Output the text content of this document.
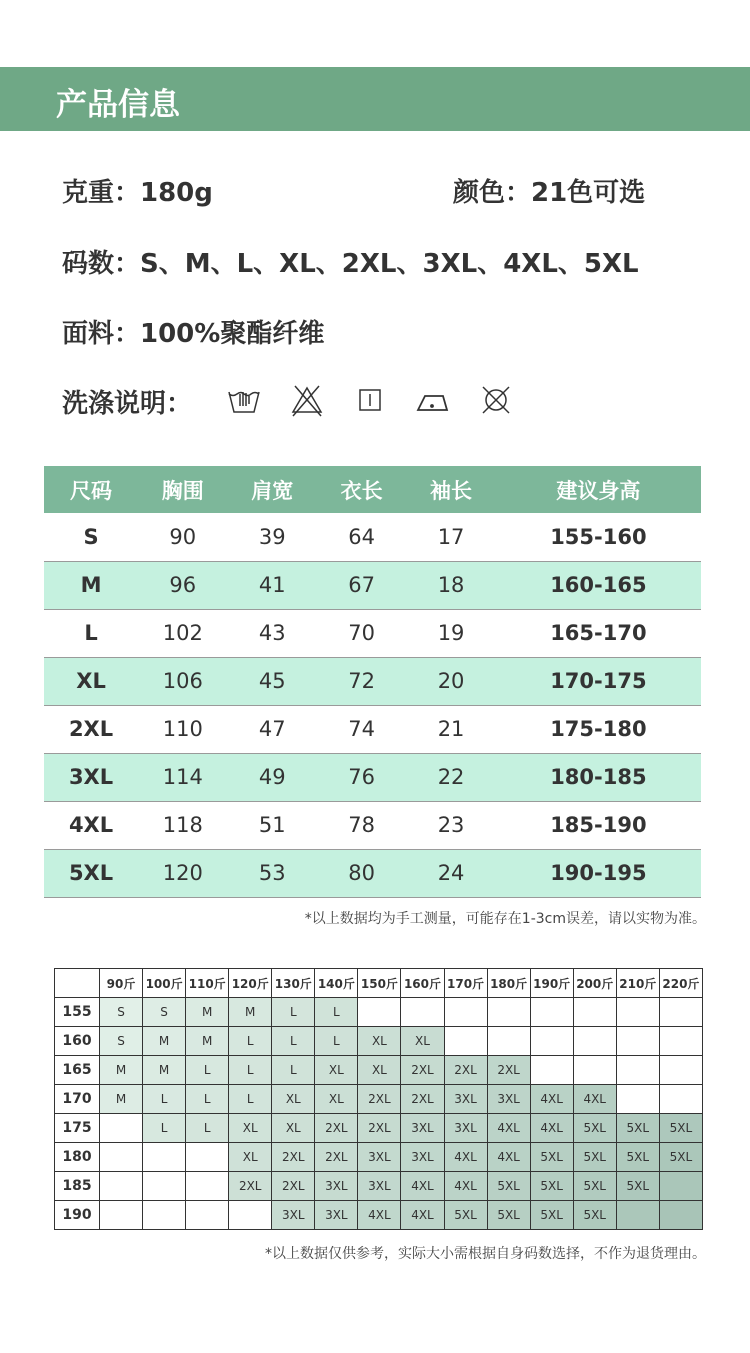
产品信息
克重：180g	颜色：21色可选
码数：S、M、L、XL、2XL、3XL、4XL、5XL
面料：100%聚酯纤维
洗涤说明：
尺码	胸围	肩宽	衣长	袖长	建议身高
S	90	39	64	17	155-160
M	96	41	67	18	160-165
L	102	43	70	19	165-170
XL	106	45	72	20	170-175
2XL	110	47	74	21	175-180
3XL	114	49	76	22	180-185
4XL	118	51	78	23	185-190
5XL	120	53	80	24	190-195
*以上数据均为手工测量，可能存在1-3cm误差，请以实物为准。
	90斤	100斤	110斤	120斤	130斤	140斤	150斤	160斤	170斤	180斤	190斤	200斤	210斤	220斤
155	S	S	M	M	L	L								
160	S	M	M	L	L	L	XL	XL						
165	M	M	L	L	L	XL	XL	2XL	2XL	2XL				
170	M	L	L	L	XL	XL	2XL	2XL	3XL	3XL	4XL	4XL		
175		L	L	XL	XL	2XL	2XL	3XL	3XL	4XL	4XL	5XL	5XL	5XL
180				XL	2XL	2XL	3XL	3XL	4XL	4XL	5XL	5XL	5XL	5XL
185				2XL	2XL	3XL	3XL	4XL	4XL	5XL	5XL	5XL	5XL	
190					3XL	3XL	4XL	4XL	5XL	5XL	5XL	5XL		
*以上数据仅供参考，实际大小需根据自身码数选择，不作为退货理由。
